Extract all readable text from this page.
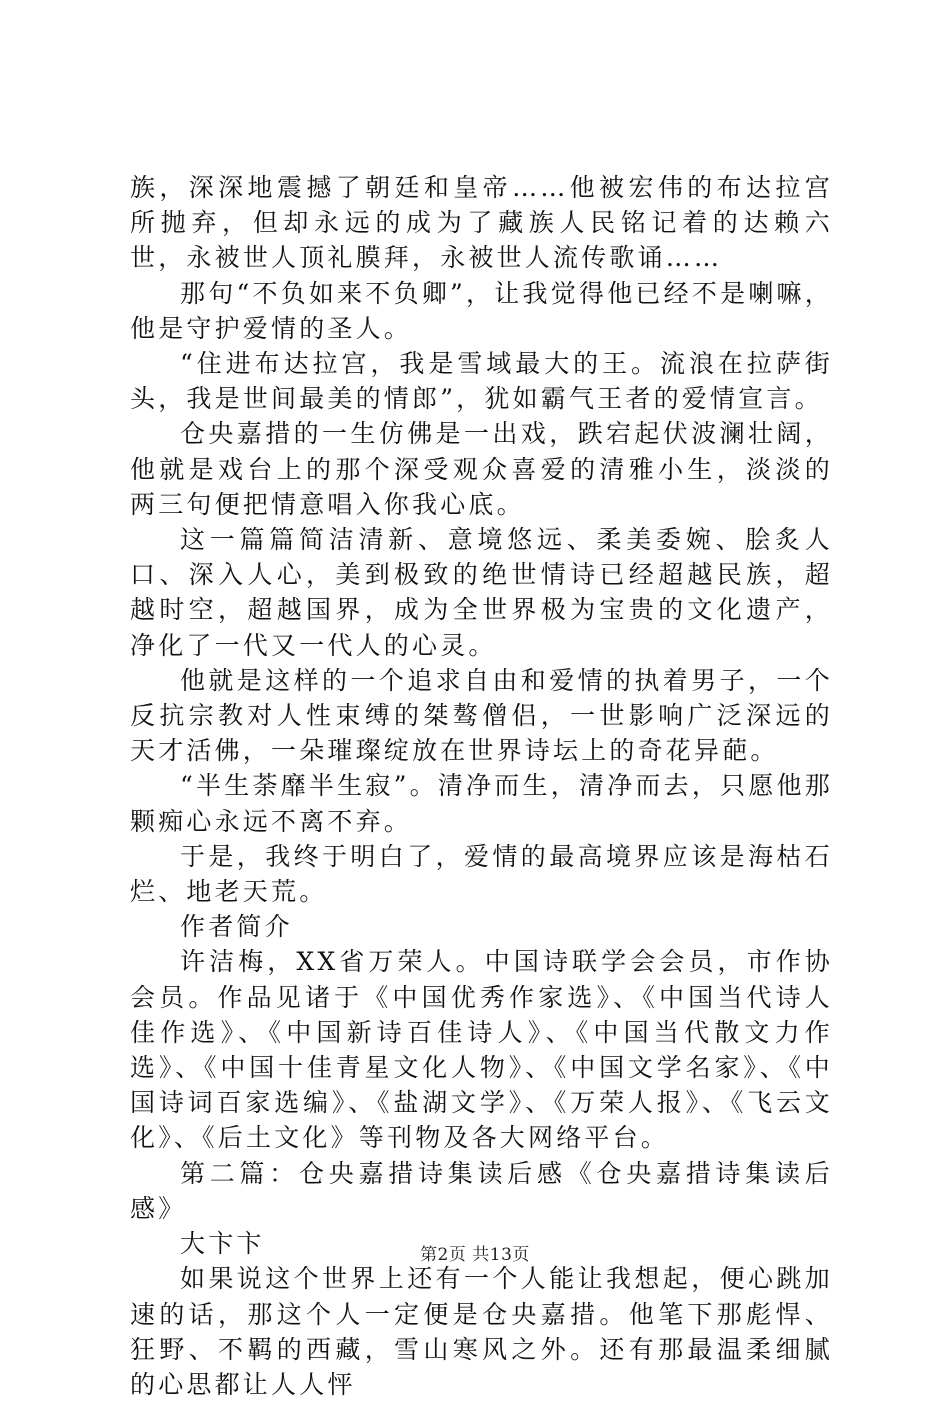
族，深深地震撼了朝廷和皇帝……他被宏伟的布达拉宫所抛弃，但却永远的成为了藏族人民铭记着的达赖六世，永被世人顶礼膜拜，永被世人流传歌诵……

那句“不负如来不负卿”，让我觉得他已经不是喇嘛，他是守护爱情的圣人。

“住进布达拉宫，我是雪域最大的王。流浪在拉萨街头，我是世间最美的情郎”，犹如霸气王者的爱情宣言。

仓央嘉措的一生仿佛是一出戏，跌宕起伏波澜壮阔，他就是戏台上的那个深受观众喜爱的清雅小生，淡淡的两三句便把情意唱入你我心底。

这一篇篇简洁清新、意境悠远、柔美委婉、脍炙人口、深入人心，美到极致的绝世情诗已经超越民族，超越时空，超越国界，成为全世界极为宝贵的文化遗产，净化了一代又一代人的心灵。

他就是这样的一个追求自由和爱情的执着男子，一个反抗宗教对人性束缚的桀骜僧侣，一世影响广泛深远的天才活佛，一朵璀璨绽放在世界诗坛上的奇花异葩。

“半生荼靡半生寂”。清净而生，清净而去，只愿他那颗痴心永远不离不弃。

于是，我终于明白了，爱情的最高境界应该是海枯石烂、地老天荒。

作者简介

许洁梅，XX省万荣人。中国诗联学会会员，市作协会员。作品见诸于《中国优秀作家选》、《中国当代诗人佳作选》、《中国新诗百佳诗人》、《中国当代散文力作选》、《中国十佳青星文化人物》、《中国文学名家》、《中国诗词百家选编》、《盐湖文学》、《万荣人报》、《飞云文化》、《后土文化》等刊物及各大网络平台。

第二篇：仓央嘉措诗集读后感《仓央嘉措诗集读后感》

大卞卞

如果说这个世界上还有一个人能让我想起，便心跳加速的话，那这个人一定便是仓央嘉措。他笔下那彪悍、狂野、不羁的西藏，雪山寒风之外。还有那最温柔细腻的心思都让人人怦

第2页 共13页
